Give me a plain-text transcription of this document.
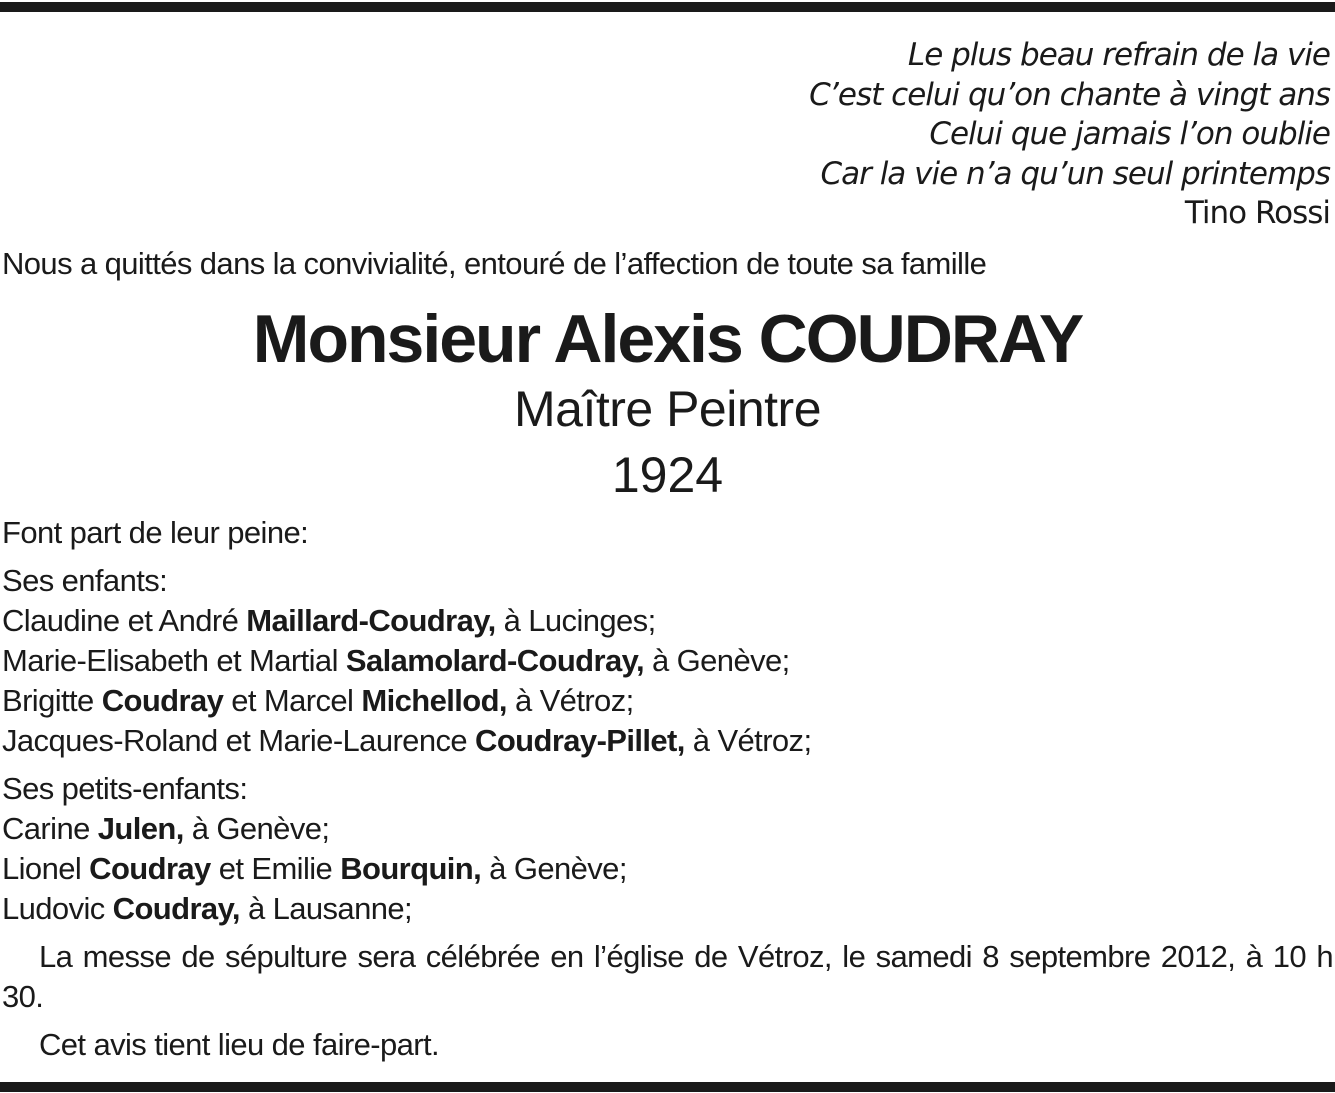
Le plus beau refrain de la vie
C’est celui qu’on chante à vingt ans
Celui que jamais l’on oublie
Car la vie n’a qu’un seul printemps
Tino Rossi
Nous a quittés dans la convivialité, entouré de l’affection de toute sa famille
Monsieur Alexis COUDRAY
Maître Peintre
1924
Font part de leur peine:
Ses enfants:
Claudine et André Maillard-Coudray, à Lucinges;
Marie-Elisabeth et Martial Salamolard-Coudray, à Genève;
Brigitte Coudray et Marcel Michellod, à Vétroz;
Jacques-Roland et Marie-Laurence Coudray-Pillet, à Vétroz;
Ses petits-enfants:
Carine Julen, à Genève;
Lionel Coudray et Emilie Bourquin, à Genève;
Ludovic Coudray, à Lausanne;
La messe de sépulture sera célébrée en l’église de Vétroz, le samedi 8 septembre 2012, à 10 h 30.
Cet avis tient lieu de faire-part.
